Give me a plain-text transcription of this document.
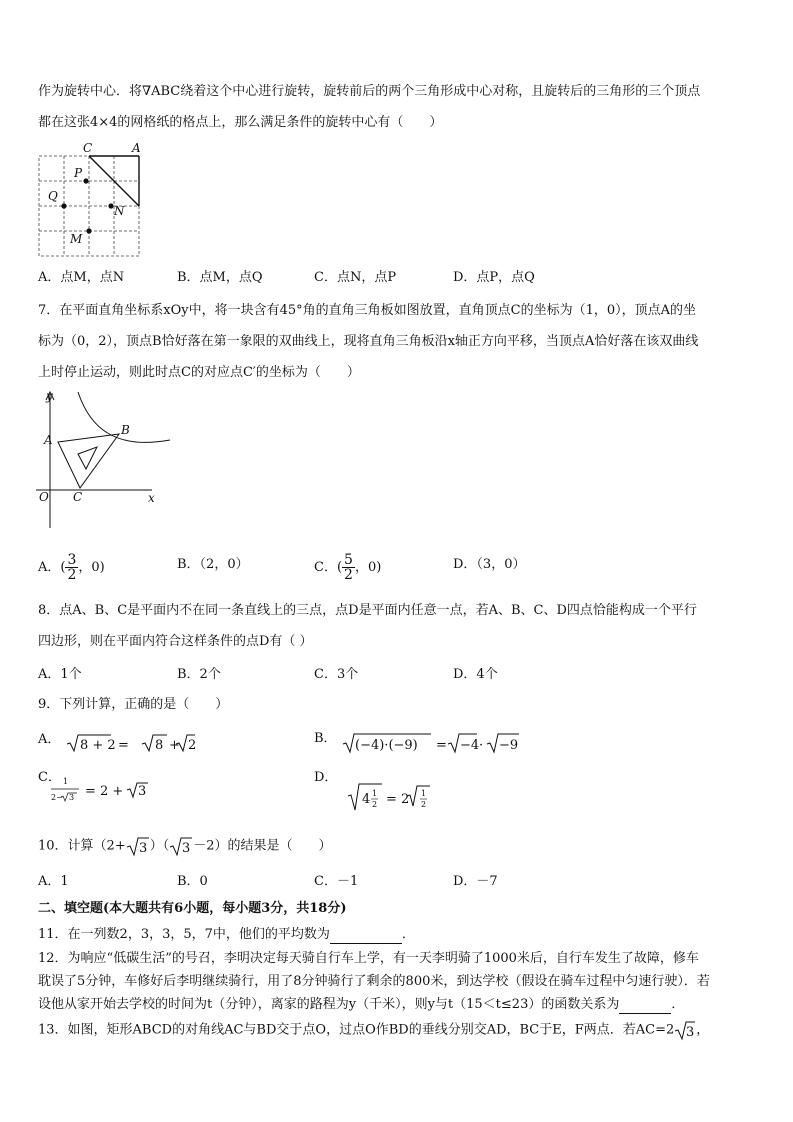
作为旋转中心．将∇ABC绕着这个中心进行旋转，旋转前后的两个三角形成中心对称，且旋转后的三角形的三个顶点
都在这张4×4的网格纸的格点上，那么满足条件的旋转中心有（　　）
C	A
P
Q
N
M
A．点M，点N	B．点M，点Q	C．点N，点P	D．点P，点Q
7．在平面直角坐标系xOy中，将一块含有45°角的直角三角板如图放置，直角顶点C的坐标为（1，0），顶点A的坐
标为（0，2），顶点B恰好落在第一象限的双曲线上，现将直角三角板沿x轴正方向平移，当顶点A恰好落在该双曲线
上时停止运动，则此时点C的对应点C′的坐标为（　　）
y
A
B
O C	x
A．( $\frac{3}{2}$ ，0)	B．（2，0）	C．( $\frac{5}{2}$ ，0)	D．（3，0）
8．点A、B、C是平面内不在同一条直线上的三点，点D是平面内任意一点，若A、B、C、D四点恰能构成一个平行
四边形，则在平面内符合这样条件的点D有（ ）
A．1个	B．2个	C．3个	D．4个
9．下列计算，正确的是（　　）
A． 8 + 2 = 8 + 2	B． (−4)·(−9) = −4 · −9
C． 1
2− 3 = 2 + 3
D．
4 1
2
1
2
= 2
10．计算（2+ 3 ）（ 3 －2）的结果是（　　）
A．1	B．0	C．－1	D．－7
二、填空题(本大题共有6小题，每小题3分，共18分)
11．在一列数2，3，3，5，7中，他们的平均数为	．
12．为响应“低碳生活”的号召，李明决定每天骑自行车上学，有一天李明骑了1000米后，自行车发生了故障，修车
耽误了5分钟，车修好后李明继续骑行，用了8分钟骑行了剩余的800米，到达学校（假设在骑车过程中匀速行驶）．若
设他从家开始去学校的时间为t（分钟），离家的路程为y（千米），则y与t（15＜t≤23）的函数关系为	．
13．如图，矩形ABCD的对角线AC与BD交于点O，过点O作BD的垂线分别交AD，BC于E，F两点．若AC=2 3 ，
